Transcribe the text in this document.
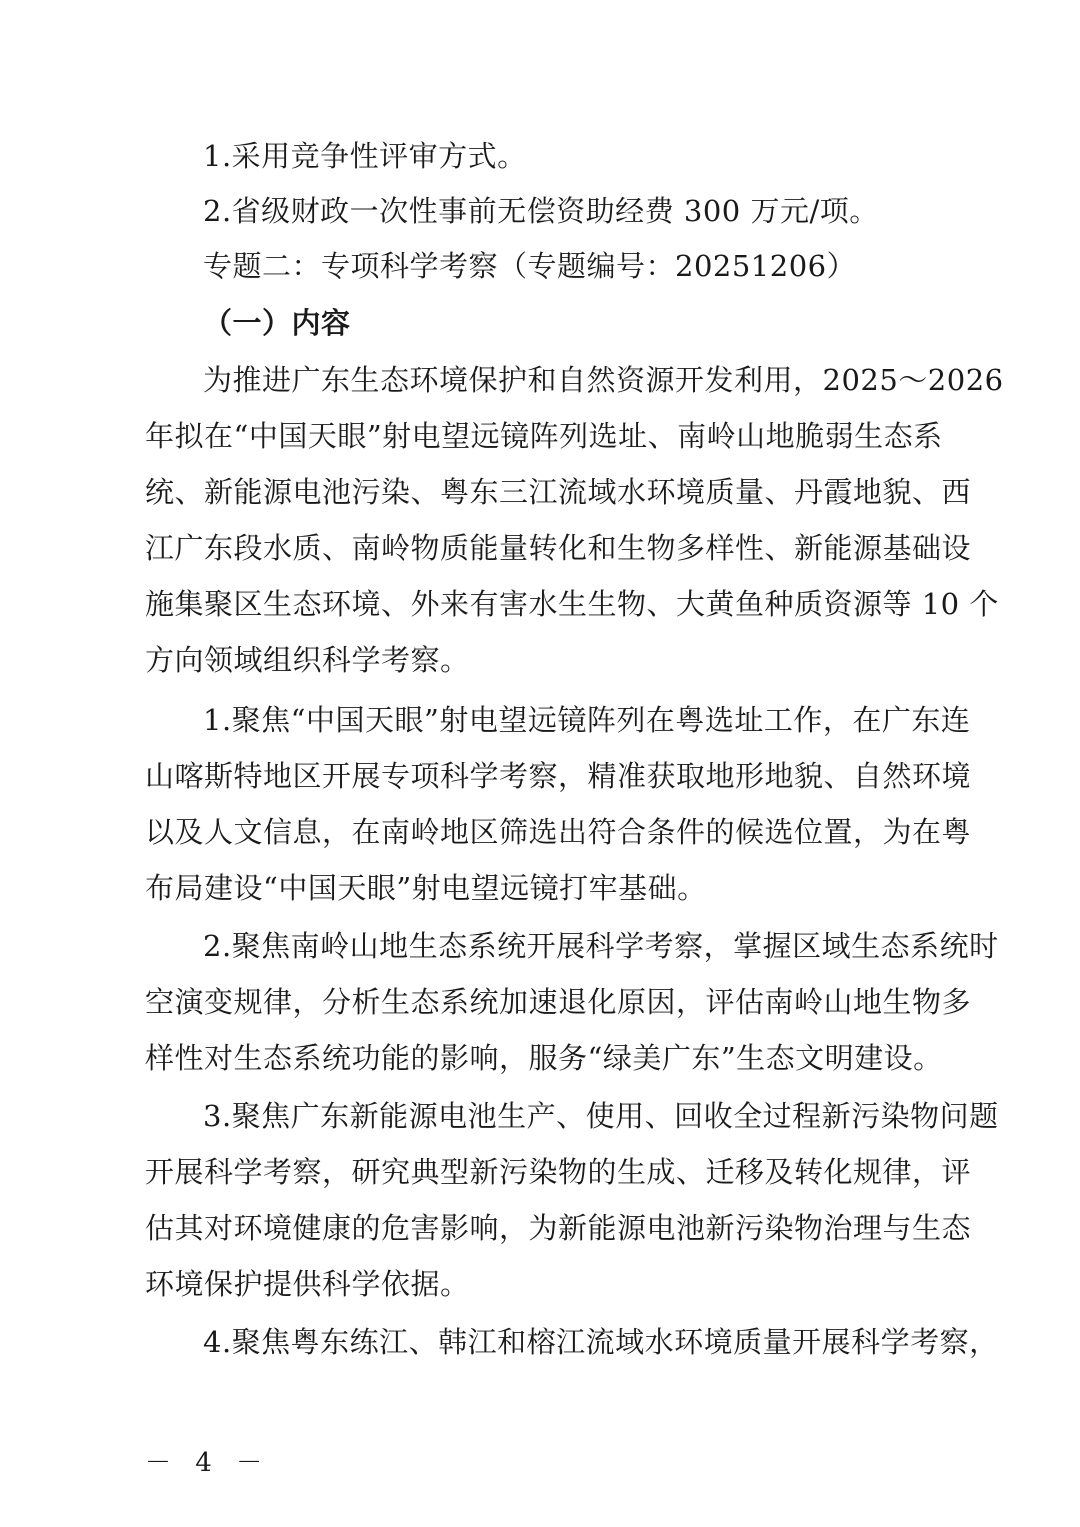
1.采用竞争性评审方式。
2.省级财政一次性事前无偿资助经费 300 万元/项。
专题二：专项科学考察（专题编号：20251206）
（一）内容
为推进广东生态环境保护和自然资源开发利用，2025～2026
年拟在“中国天眼”射电望远镜阵列选址、南岭山地脆弱生态系
统、新能源电池污染、粤东三江流域水环境质量、丹霞地貌、西
江广东段水质、南岭物质能量转化和生物多样性、新能源基础设
施集聚区生态环境、外来有害水生生物、大黄鱼种质资源等 10 个
方向领域组织科学考察。
1.聚焦“中国天眼”射电望远镜阵列在粤选址工作，在广东连
山喀斯特地区开展专项科学考察，精准获取地形地貌、自然环境
以及人文信息，在南岭地区筛选出符合条件的候选位置，为在粤
布局建设“中国天眼”射电望远镜打牢基础。
2.聚焦南岭山地生态系统开展科学考察，掌握区域生态系统时
空演变规律，分析生态系统加速退化原因，评估南岭山地生物多
样性对生态系统功能的影响，服务“绿美广东”生态文明建设。
3.聚焦广东新能源电池生产、使用、回收全过程新污染物问题
开展科学考察，研究典型新污染物的生成、迁移及转化规律，评
估其对环境健康的危害影响，为新能源电池新污染物治理与生态
环境保护提供科学依据。
4.聚焦粤东练江、韩江和榕江流域水环境质量开展科学考察，
－ 4 －
